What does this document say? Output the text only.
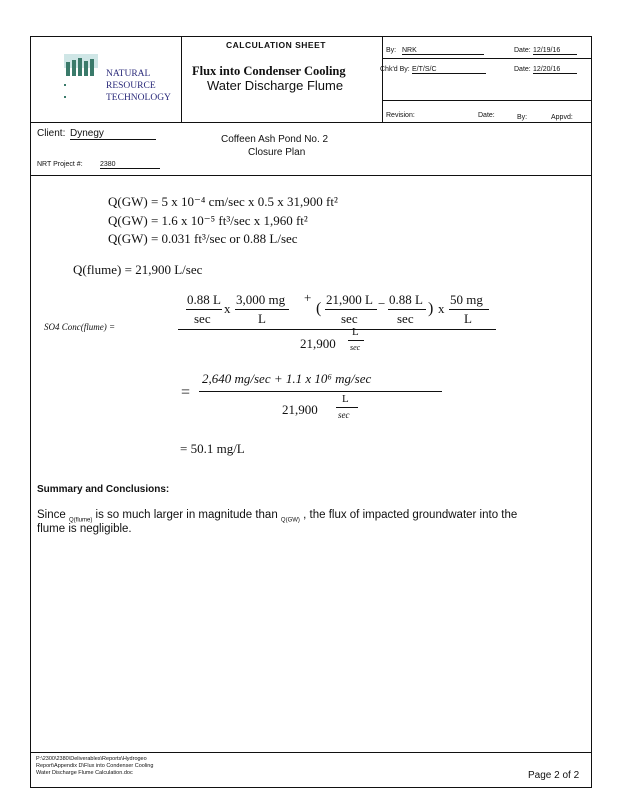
CALCULATION SHEET
NATURAL
RESOURCE
TECHNOLOGY
Flux into Condenser Cooling
Water Discharge Flume
By: NRK	Date: 12/19/16
Chk'd By: E/T/S/C	Date: 12/20/16
Revision:	Date:	By:	Appvd:
Client: Dynegy
Coffeen Ash Pond No. 2
Closure Plan
NRT Project #: 2380
Q(GW) = 5 x 10⁻⁴ cm/sec x 0.5 x 31,900 ft²
Q(GW) = 1.6 x 10⁻⁵ ft³/sec x 1,960 ft²
Q(GW) = 0.031 ft³/sec or 0.88 L/sec
Q(flume) = 21,900 L/sec
SO4 Conc(flume) =
0.88 L
sec
x
3,000 mg
L
+
(
21,900 L
sec
− 0.88 L
sec
) x
50 mg
L
21,900
L
sec
=
2,640 mg/sec + 1.1 x 10⁶ mg/sec
21,900
L
sec
= 50.1 mg/L
Summary and Conclusions:
Since $_{Q(flume)}$ is so much larger in magnitude than $_{Q(GW)}$ , the flux of impacted groundwater into the
flume is negligible.
P:\2300\2380\Deliverables\Reports\Hydrogeo
Report\Appendix D\Flux into Condenser Cooling
Water Discharge Flume Calculation.doc	Page 2 of 2
